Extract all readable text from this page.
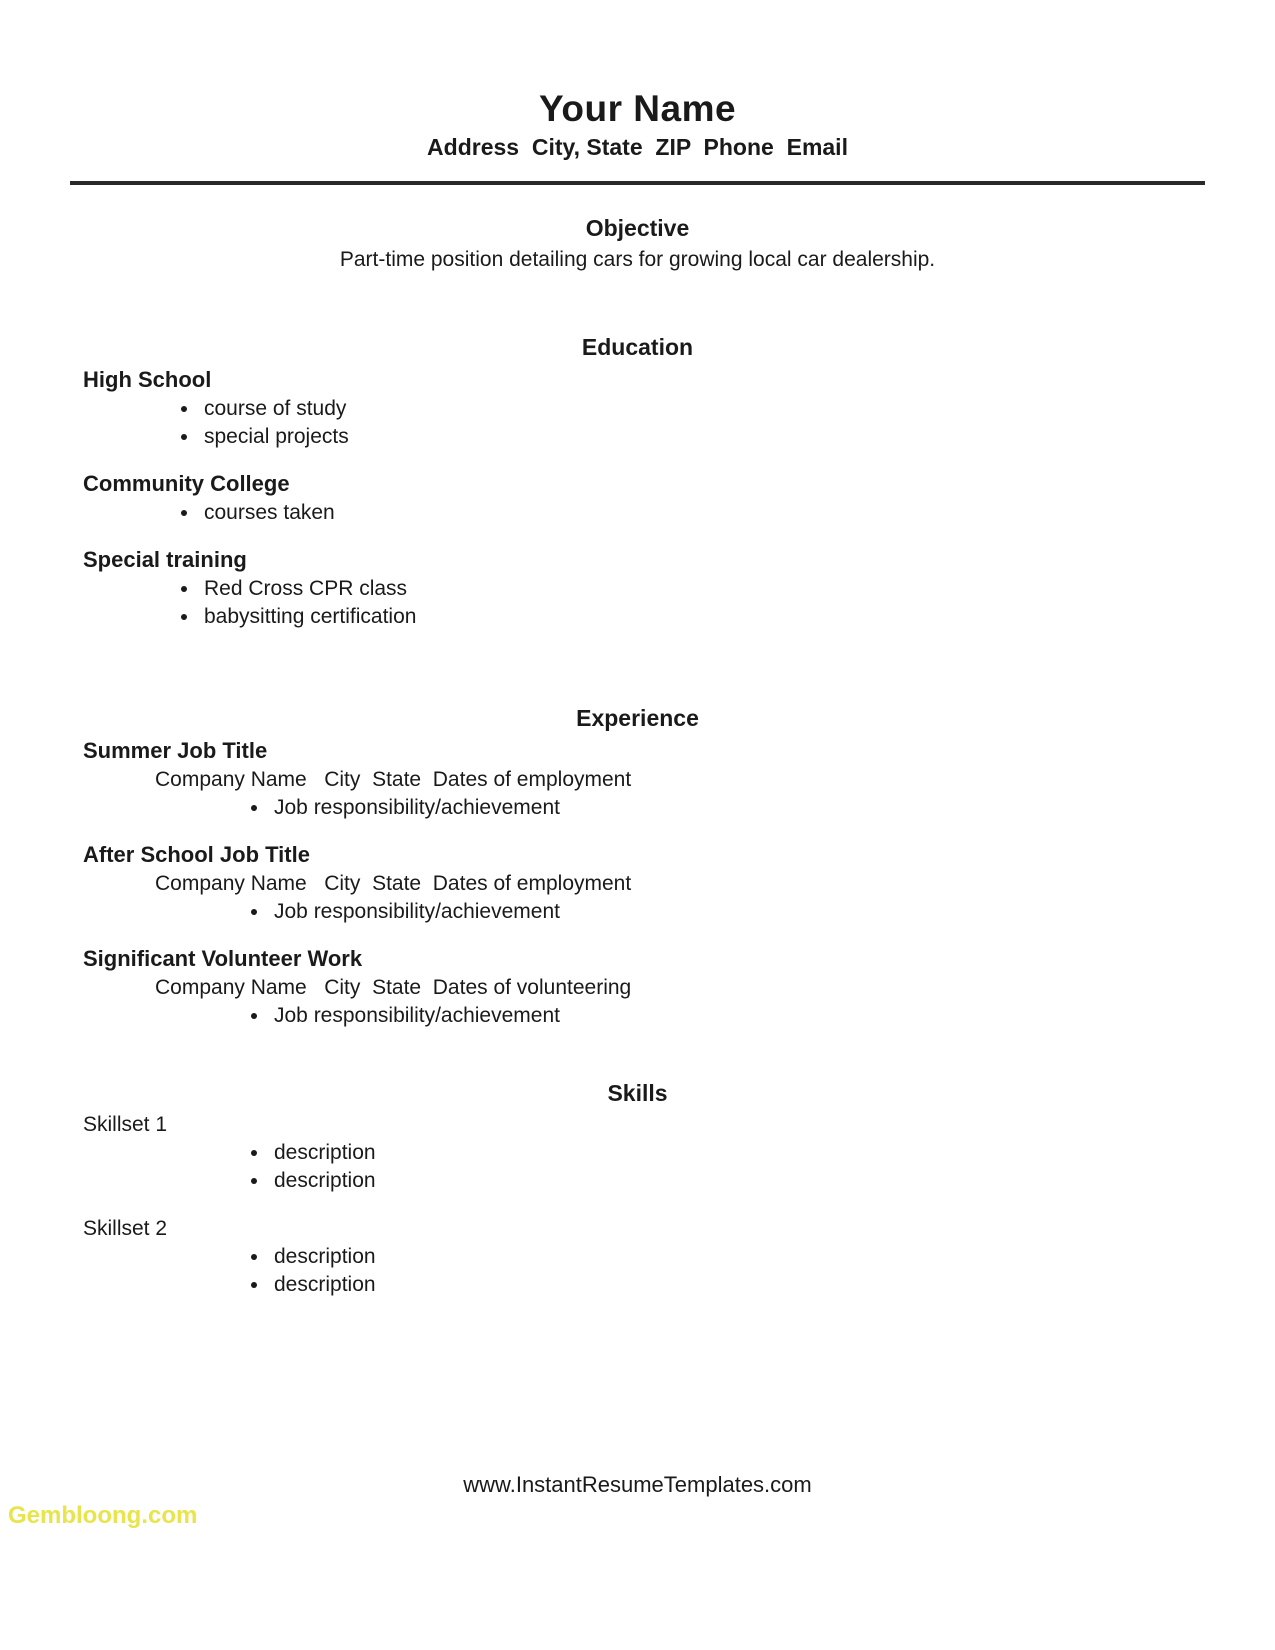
Your Name
Address  City, State  ZIP  Phone  Email
Objective
Part-time position detailing cars for growing local car dealership.
Education
High School
• course of study
• special projects
Community College
• courses taken
Special training
• Red Cross CPR class
• babysitting certification
Experience
Summer Job Title
Company Name   City  State  Dates of employment
• Job responsibility/achievement
After School Job Title
Company Name   City  State  Dates of employment
• Job responsibility/achievement
Significant Volunteer Work
Company Name   City  State  Dates of volunteering
• Job responsibility/achievement
Skills
Skillset 1
• description
• description
Skillset 2
• description
• description
www.InstantResumeTemplates.com
Gembloong.com
